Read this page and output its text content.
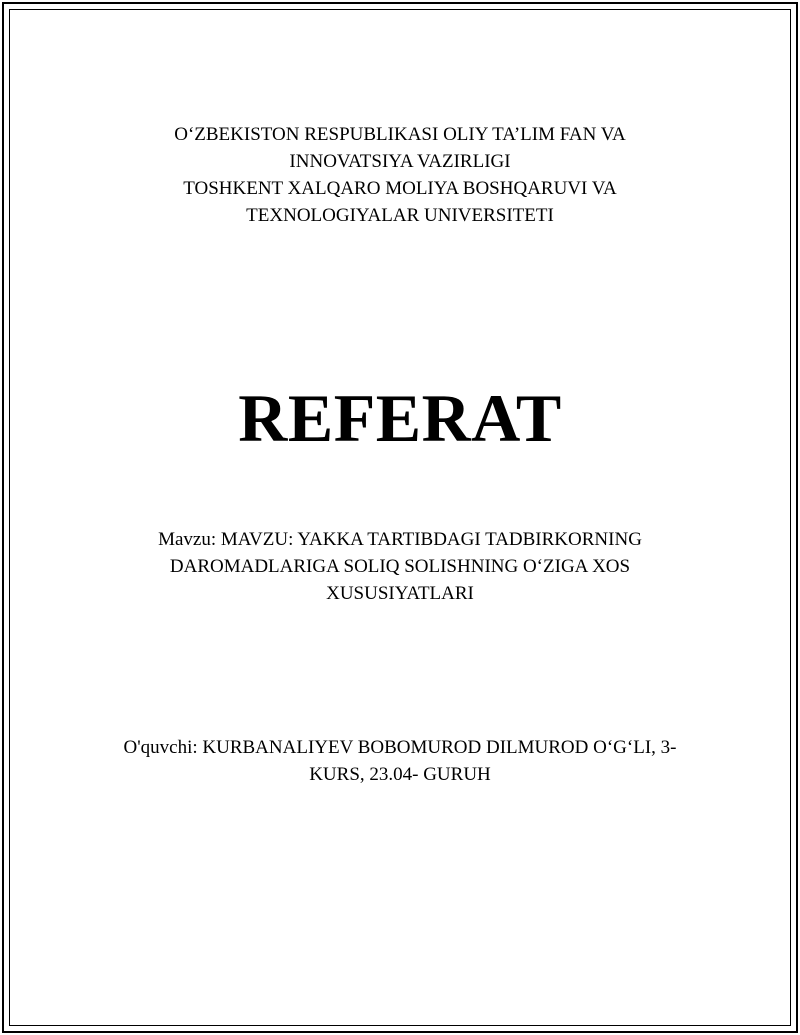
O‘ZBEKISTON RESPUBLIKASI OLIY TA’LIM FAN VA
INNOVATSIYA VAZIRLIGI
TOSHKENT XALQARO MOLIYA BOSHQARUVI VA
TEXNOLOGIYALAR UNIVERSITETI
REFERAT
Mavzu: MAVZU: YAKKA TARTIBDAGI TADBIRKORNING
DAROMADLARIGA SOLIQ SOLISHNING O‘ZIGA XOS
XUSUSIYATLARI
O'quvchi: KURBANALIYEV BOBOMUROD DILMUROD O‘G‘LI, 3-
KURS, 23.04- GURUH
